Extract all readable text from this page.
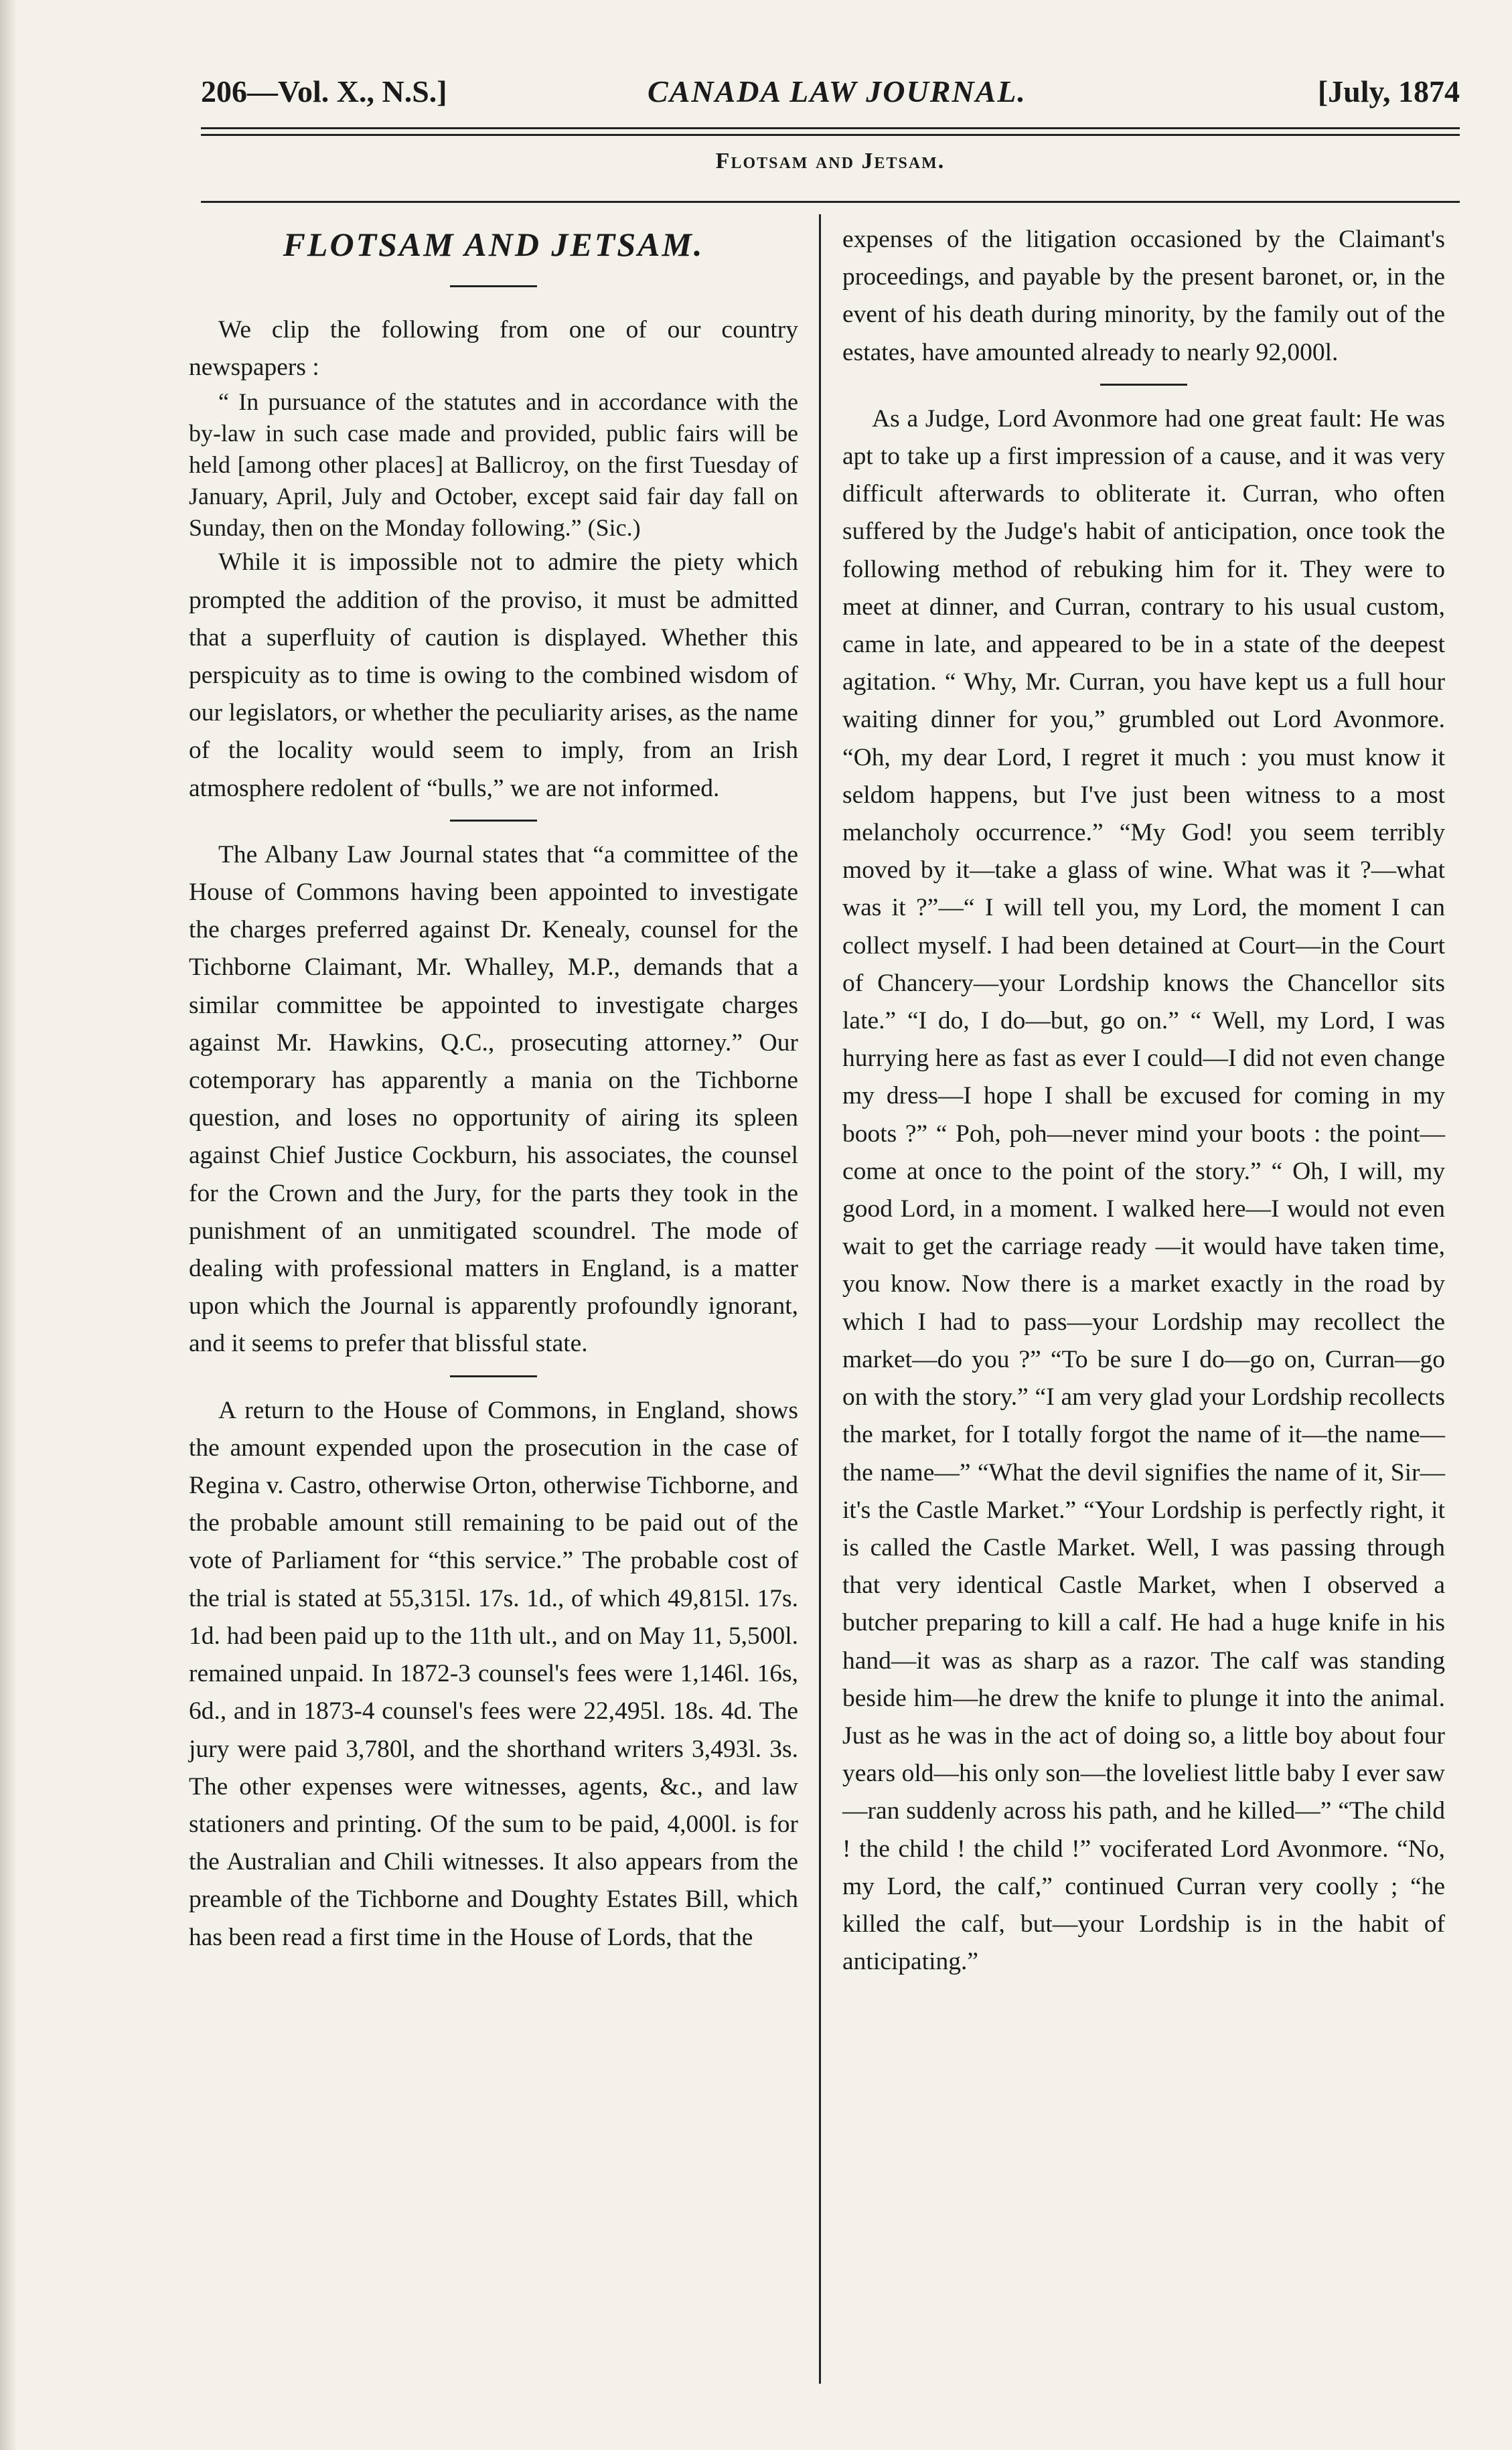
206—Vol. X., N.S.]	CANADA LAW JOURNAL.	[July, 1874
Flotsam and Jetsam.

FLOTSAM AND JETSAM.

We clip the following from one of our country newspapers :

“ In pursuance of the statutes and in accordance with the by-law in such case made and provided, public fairs will be held [among other places] at Ballicroy, on the first Tuesday of January, April, July and October, except said fair day fall on Sunday, then on the Monday following.” (Sic.)

While it is impossible not to admire the piety which prompted the addition of the proviso, it must be admitted that a superfluity of caution is displayed. Whether this perspicuity as to time is owing to the combined wisdom of our legislators, or whether the peculiarity arises, as the name of the locality would seem to imply, from an Irish atmosphere redolent of “bulls,” we are not informed.

The Albany Law Journal states that “a committee of the House of Commons having been appointed to investigate the charges preferred against Dr. Kenealy, counsel for the Tichborne Claimant, Mr. Whalley, M.P., demands that a similar committee be appointed to investigate charges against Mr. Hawkins, Q.C., prosecuting attorney.” Our cotemporary has apparently a mania on the Tichborne question, and loses no opportunity of airing its spleen against Chief Justice Cockburn, his associates, the counsel for the Crown and the Jury, for the parts they took in the punishment of an unmitigated scoundrel. The mode of dealing with professional matters in England, is a matter upon which the Journal is apparently profoundly ignorant, and it seems to prefer that blissful state.

A return to the House of Commons, in England, shows the amount expended upon the prosecution in the case of Regina v. Castro, otherwise Orton, otherwise Tichborne, and the probable amount still remaining to be paid out of the vote of Parliament for “this service.” The probable cost of the trial is stated at 55,315l. 17s. 1d., of which 49,815l. 17s. 1d. had been paid up to the 11th ult., and on May 11, 5,500l. remained unpaid. In 1872-3 counsel's fees were 1,146l. 16s, 6d., and in 1873-4 counsel's fees were 22,495l. 18s. 4d. The jury were paid 3,780l, and the shorthand writers 3,493l. 3s. The other expenses were witnesses, agents, &c., and law stationers and printing. Of the sum to be paid, 4,000l. is for the Australian and Chili witnesses. It also appears from the preamble of the Tichborne and Doughty Estates Bill, which has been read a first time in the House of Lords, that the

expenses of the litigation occasioned by the Claimant's proceedings, and payable by the present baronet, or, in the event of his death during minority, by the family out of the estates, have amounted already to nearly 92,000l.

As a Judge, Lord Avonmore had one great fault: He was apt to take up a first impression of a cause, and it was very difficult afterwards to obliterate it. Curran, who often suffered by the Judge's habit of anticipation, once took the following method of rebuking him for it. They were to meet at dinner, and Curran, contrary to his usual custom, came in late, and appeared to be in a state of the deepest agitation. “ Why, Mr. Curran, you have kept us a full hour waiting dinner for you,” grumbled out Lord Avonmore. “Oh, my dear Lord, I regret it much : you must know it seldom happens, but I've just been witness to a most melancholy occurrence.” “My God! you seem terribly moved by it—take a glass of wine. What was it ?—what was it ?”—“ I will tell you, my Lord, the moment I can collect myself. I had been detained at Court—in the Court of Chancery—your Lordship knows the Chancellor sits late.” “I do, I do—but, go on.” “ Well, my Lord, I was hurrying here as fast as ever I could—I did not even change my dress—I hope I shall be excused for coming in my boots ?” “ Poh, poh—never mind your boots : the point—come at once to the point of the story.” “ Oh, I will, my good Lord, in a moment. I walked here—I would not even wait to get the carriage ready —it would have taken time, you know. Now there is a market exactly in the road by which I had to pass—your Lordship may recollect the market—do you ?” “To be sure I do—go on, Curran—go on with the story.” “I am very glad your Lordship recollects the market, for I totally forgot the name of it—the name—the name—” “What the devil signifies the name of it, Sir—it's the Castle Market.” “Your Lordship is perfectly right, it is called the Castle Market. Well, I was passing through that very identical Castle Market, when I observed a butcher preparing to kill a calf. He had a huge knife in his hand—it was as sharp as a razor. The calf was standing beside him—he drew the knife to plunge it into the animal. Just as he was in the act of doing so, a little boy about four years old—his only son—the loveliest little baby I ever saw—ran suddenly across his path, and he killed—” “The child ! the child ! the child !” vociferated Lord Avonmore. “No, my Lord, the calf,” continued Curran very coolly ; “he killed the calf, but—your Lordship is in the habit of anticipating.”
